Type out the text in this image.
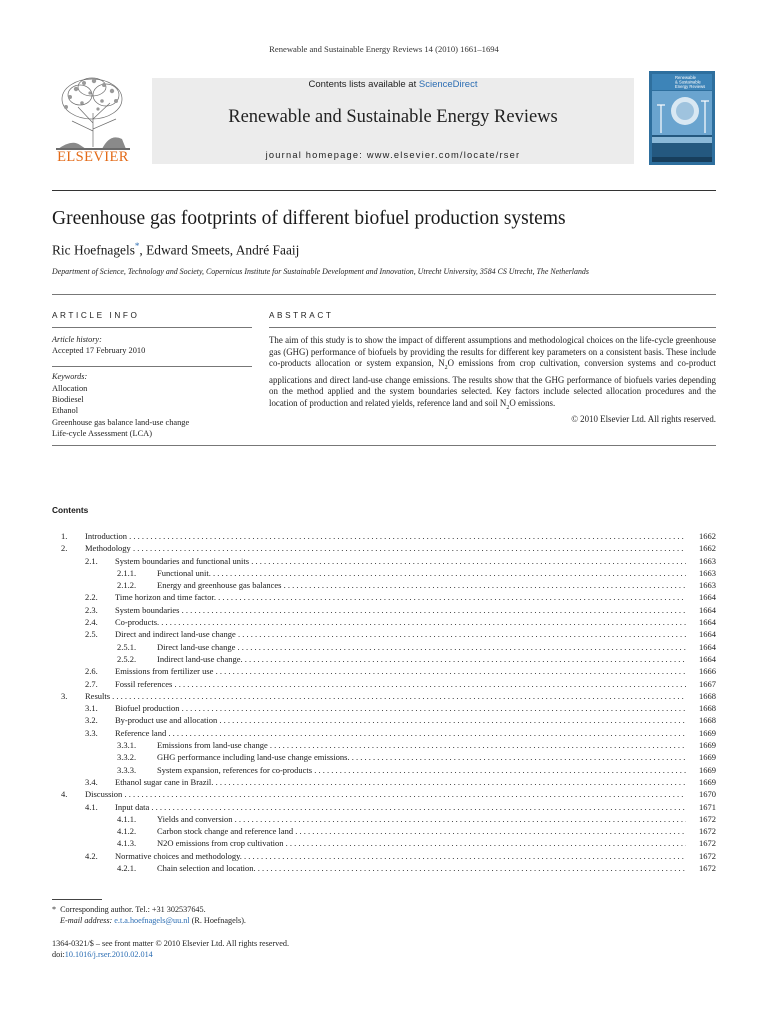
Renewable and Sustainable Energy Reviews 14 (2010) 1661–1694
ELSEVIER
Contents lists available at ScienceDirect
Renewable and Sustainable Energy Reviews
journal homepage: www.elsevier.com/locate/rser
Renewable
& Sustainable
Energy Reviews
Greenhouse gas footprints of different biofuel production systems
Ric Hoefnagels*, Edward Smeets, André Faaij
Department of Science, Technology and Society, Copernicus Institute for Sustainable Development and Innovation, Utrecht University, 3584 CS Utrecht, The Netherlands
ARTICLE INFO
Article history:
Accepted 17 February 2010
Keywords:
Allocation
Biodiesel
Ethanol
Greenhouse gas balance land-use change
Life-cycle Assessment (LCA)
ABSTRACT
The aim of this study is to show the impact of different assumptions and methodological choices on the life-cycle greenhouse gas (GHG) performance of biofuels by providing the results for different key parameters on a consistent basis. These include co-products allocation or system expansion, $N_2O$ emissions from crop cultivation, conversion systems and co-product applications and direct land-use change emissions. The results show that the GHG performance of biofuels varies depending on the method applied and the system boundaries selected. Key factors include selected allocation procedures and the location of production and related yields, reference land and soil $N_2O$ emissions.
© 2010 Elsevier Ltd. All rights reserved.
Contents
1. Introduction . . .	1662
2. Methodology . . .	1662
2.1. System boundaries and functional units . . .	1663
2.1.1. Functional unit. . . .	1663
2.1.2. Energy and greenhouse gas balances . . .	1663
2.2. Time horizon and time factor. . . .	1664
2.3. System boundaries . . .	1664
2.4. Co-products. . . .	1664
2.5. Direct and indirect land-use change . . .	1664
2.5.1. Direct land-use change . . .	1664
2.5.2. Indirect land-use change. . . .	1664
2.6. Emissions from fertilizer use . . .	1666
2.7. Fossil references . . .	1667
3. Results . . .	1668
3.1. Biofuel production . . .	1668
3.2. By-product use and allocation . . .	1668
3.3. Reference land . . .	1669
3.3.1. Emissions from land-use change . . .	1669
3.3.2. GHG performance including land-use change emissions. . . .	1669
3.3.3. System expansion, references for co-products . . .	1669
3.4. Ethanol sugar cane in Brazil. . . .	1669
4. Discussion . . .	1670
4.1. Input data . . .	1671
4.1.1. Yields and conversion . . .	1672
4.1.2. Carbon stock change and reference land . . .	1672
4.1.3. N2O emissions from crop cultivation . . .	1672
4.2. Normative choices and methodology. . . .	1672
4.2.1. Chain selection and location. . . .	1672
* Corresponding author. Tel.: +31 302537645.
E-mail address: e.t.a.hoefnagels@uu.nl (R. Hoefnagels).
1364-0321/$ – see front matter © 2010 Elsevier Ltd. All rights reserved.
doi:10.1016/j.rser.2010.02.014
